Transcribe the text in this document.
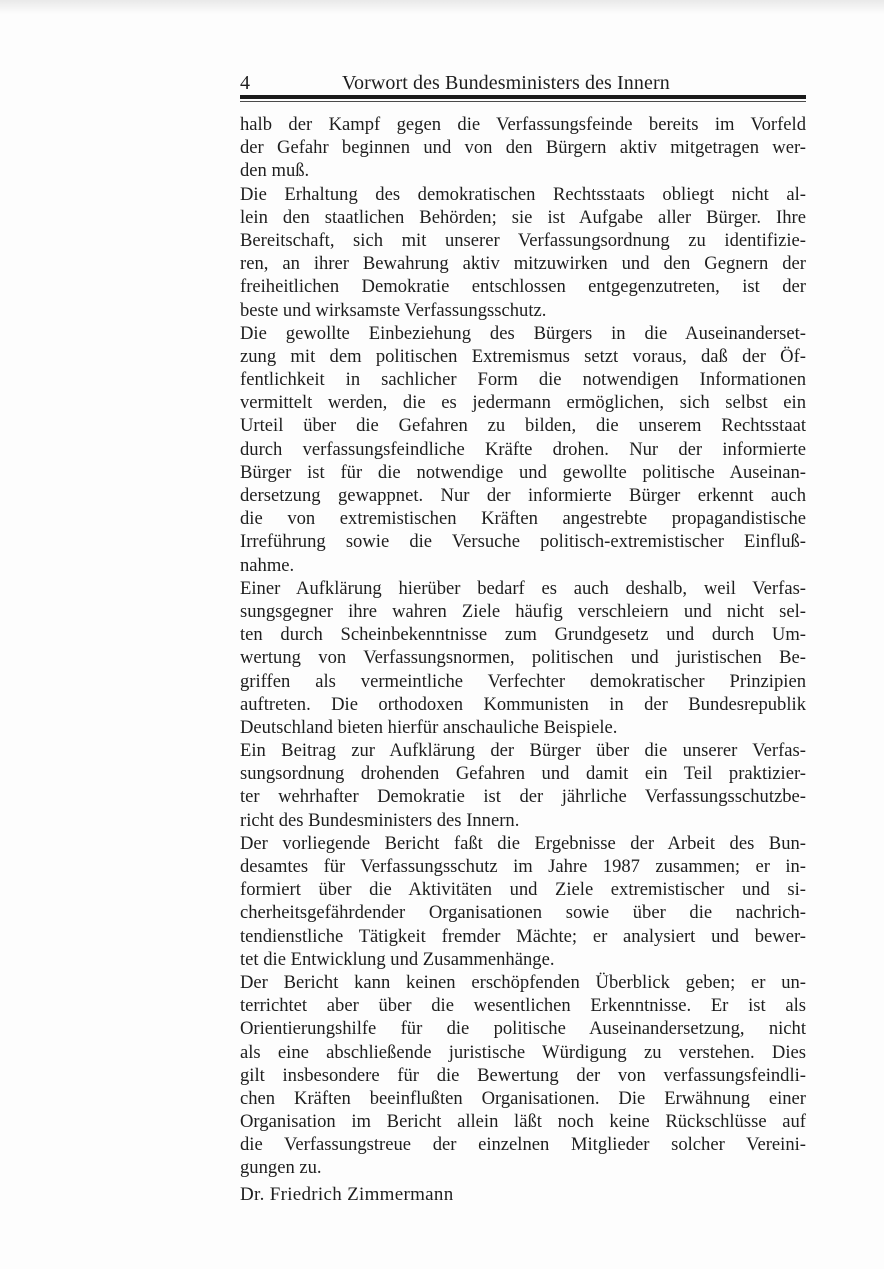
4	Vorwort des Bundesministers des Innern
halb der Kampf gegen die Verfassungsfeinde bereits im Vorfeld
der Gefahr beginnen und von den Bürgern aktiv mitgetragen wer-
den muß.
Die Erhaltung des demokratischen Rechtsstaats obliegt nicht al-
lein den staatlichen Behörden; sie ist Aufgabe aller Bürger. Ihre
Bereitschaft, sich mit unserer Verfassungsordnung zu identifizie-
ren, an ihrer Bewahrung aktiv mitzuwirken und den Gegnern der
freiheitlichen Demokratie entschlossen entgegenzutreten, ist der
beste und wirksamste Verfassungsschutz.
Die gewollte Einbeziehung des Bürgers in die Auseinanderset-
zung mit dem politischen Extremismus setzt voraus, daß der Öf-
fentlichkeit in sachlicher Form die notwendigen Informationen
vermittelt werden, die es jedermann ermöglichen, sich selbst ein
Urteil über die Gefahren zu bilden, die unserem Rechtsstaat
durch verfassungsfeindliche Kräfte drohen. Nur der informierte
Bürger ist für die notwendige und gewollte politische Auseinan-
dersetzung gewappnet. Nur der informierte Bürger erkennt auch
die von extremistischen Kräften angestrebte propagandistische
Irreführung sowie die Versuche politisch-extremistischer Einfluß-
nahme.
Einer Aufklärung hierüber bedarf es auch deshalb, weil Verfas-
sungsgegner ihre wahren Ziele häufig verschleiern und nicht sel-
ten durch Scheinbekenntnisse zum Grundgesetz und durch Um-
wertung von Verfassungsnormen, politischen und juristischen Be-
griffen als vermeintliche Verfechter demokratischer Prinzipien
auftreten. Die orthodoxen Kommunisten in der Bundesrepublik
Deutschland bieten hierfür anschauliche Beispiele.
Ein Beitrag zur Aufklärung der Bürger über die unserer Verfas-
sungsordnung drohenden Gefahren und damit ein Teil praktizier-
ter wehrhafter Demokratie ist der jährliche Verfassungsschutzbe-
richt des Bundesministers des Innern.
Der vorliegende Bericht faßt die Ergebnisse der Arbeit des Bun-
desamtes für Verfassungsschutz im Jahre 1987 zusammen; er in-
formiert über die Aktivitäten und Ziele extremistischer und si-
cherheitsgefährdender Organisationen sowie über die nachrich-
tendienstliche Tätigkeit fremder Mächte; er analysiert und bewer-
tet die Entwicklung und Zusammenhänge.
Der Bericht kann keinen erschöpfenden Überblick geben; er un-
terrichtet aber über die wesentlichen Erkenntnisse. Er ist als
Orientierungshilfe für die politische Auseinandersetzung, nicht
als eine abschließende juristische Würdigung zu verstehen. Dies
gilt insbesondere für die Bewertung der von verfassungsfeindli-
chen Kräften beeinflußten Organisationen. Die Erwähnung einer
Organisation im Bericht allein läßt noch keine Rückschlüsse auf
die Verfassungstreue der einzelnen Mitglieder solcher Vereini-
gungen zu.
Dr. Friedrich Zimmermann
